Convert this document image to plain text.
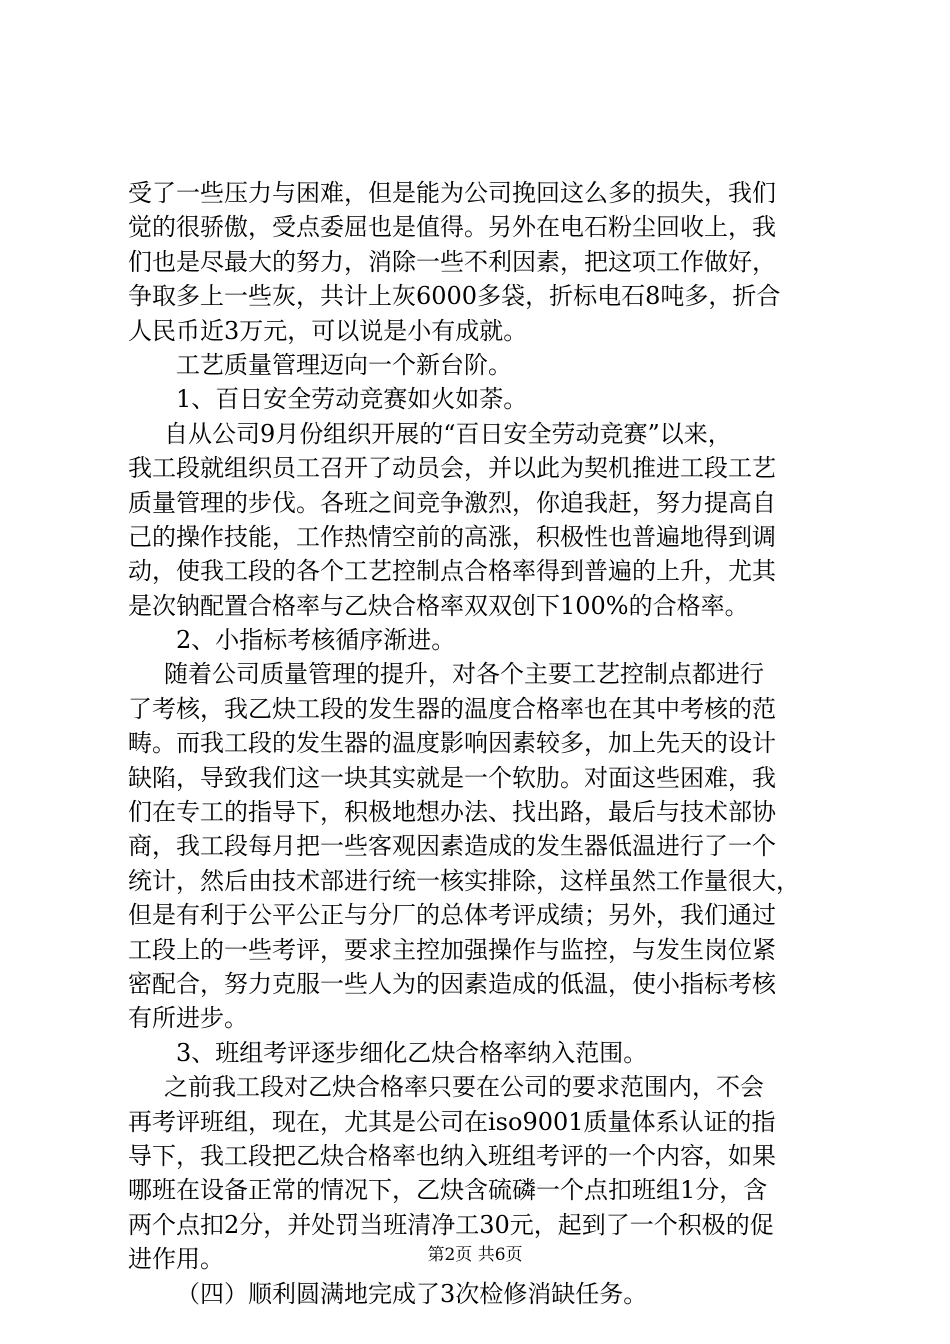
受了一些压力与困难，但是能为公司挽回这么多的损失，我们
觉的很骄傲，受点委屈也是值得。另外在电石粉尘回收上，我
们也是尽最大的努力，消除一些不利因素，把这项工作做好，
争取多上一些灰，共计上灰6000多袋，折标电石8吨多，折合
人民币近3万元，可以说是小有成就。
工艺质量管理迈向一个新台阶。
1、百日安全劳动竞赛如火如荼。
自从公司9月份组织开展的“百日安全劳动竞赛”以来，
我工段就组织员工召开了动员会，并以此为契机推进工段工艺
质量管理的步伐。各班之间竞争激烈，你追我赶，努力提高自
己的操作技能，工作热情空前的高涨，积极性也普遍地得到调
动，使我工段的各个工艺控制点合格率得到普遍的上升，尤其
是次钠配置合格率与乙炔合格率双双创下100%的合格率。
2、小指标考核循序渐进。
随着公司质量管理的提升，对各个主要工艺控制点都进行
了考核，我乙炔工段的发生器的温度合格率也在其中考核的范
畴。而我工段的发生器的温度影响因素较多，加上先天的设计
缺陷，导致我们这一块其实就是一个软肋。对面这些困难，我
们在专工的指导下，积极地想办法、找出路，最后与技术部协
商，我工段每月把一些客观因素造成的发生器低温进行了一个
统计，然后由技术部进行统一核实排除，这样虽然工作量很大，
但是有利于公平公正与分厂的总体考评成绩；另外，我们通过
工段上的一些考评，要求主控加强操作与监控，与发生岗位紧
密配合，努力克服一些人为的因素造成的低温，使小指标考核
有所进步。
3、班组考评逐步细化乙炔合格率纳入范围。
之前我工段对乙炔合格率只要在公司的要求范围内，不会
再考评班组，现在，尤其是公司在iso9001质量体系认证的指
导下，我工段把乙炔合格率也纳入班组考评的一个内容，如果
哪班在设备正常的情况下，乙炔含硫磷一个点扣班组1分，含
两个点扣2分，并处罚当班清净工30元，起到了一个积极的促
进作用。
（四）顺利圆满地完成了3次检修消缺任务。
第2页 共6页
